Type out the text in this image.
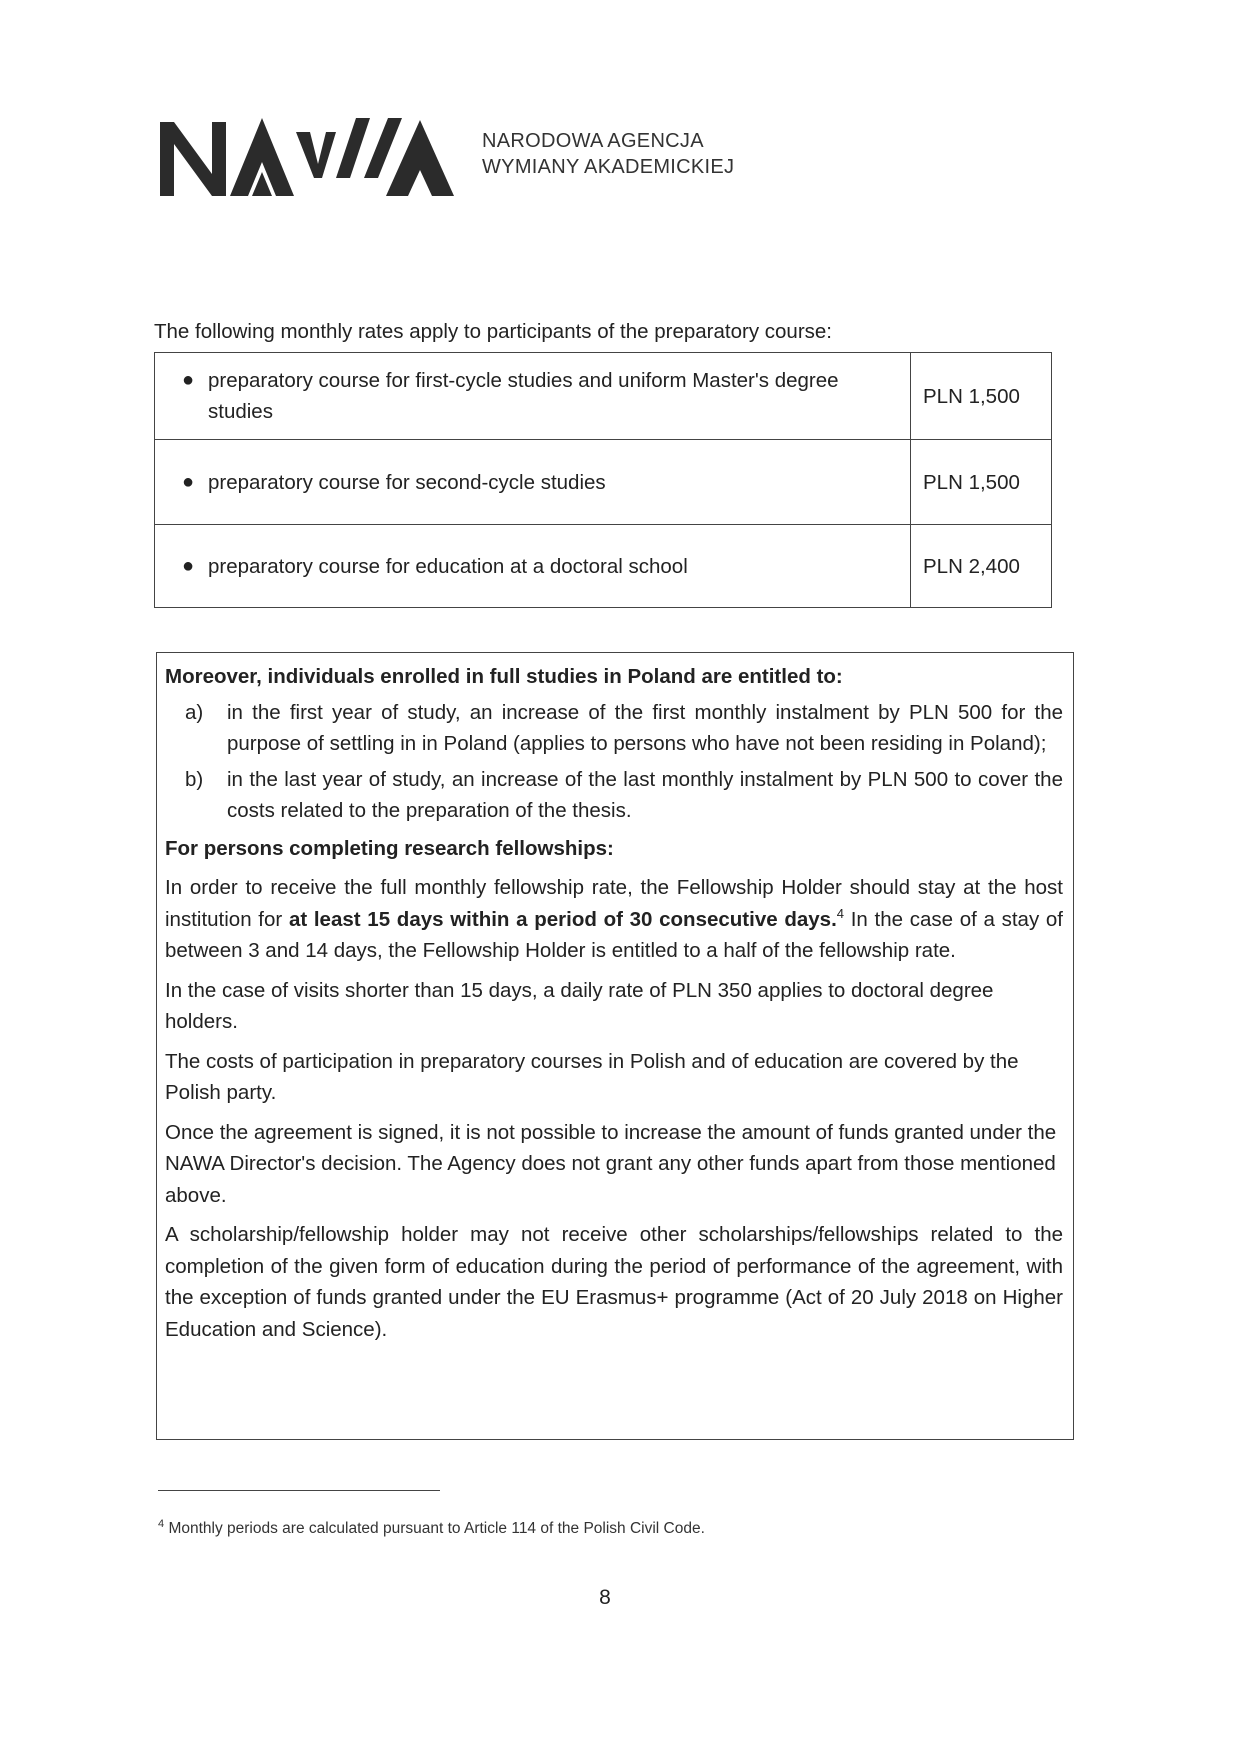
NARODOWA AGENCJA
WYMIANY AKADEMICKIEJ
The following monthly rates apply to participants of the preparatory course:
● preparatory course for first-cycle studies and uniform Master's degree studies	PLN 1,500

● preparatory course for second-cycle studies	PLN 1,500

● preparatory course for education at a doctoral school	PLN 2,400
Moreover, individuals enrolled in full studies in Poland are entitled to:
a)	in the first year of study, an increase of the first monthly instalment by PLN 500 for the purpose of settling in in Poland (applies to persons who have not been residing in Poland);
b)	in the last year of study, an increase of the last monthly instalment by PLN 500 to cover the costs related to the preparation of the thesis.
For persons completing research fellowships:

In order to receive the full monthly fellowship rate, the Fellowship Holder should stay at the host institution for at least 15 days within a period of 30 consecutive days.$^4$ In the case of a stay of between 3 and 14 days, the Fellowship Holder is entitled to a half of the fellowship rate.

In the case of visits shorter than 15 days, a daily rate of PLN 350 applies to doctoral degree holders.

The costs of participation in preparatory courses in Polish and of education are covered by the Polish party.

Once the agreement is signed, it is not possible to increase the amount of funds granted under the NAWA Director's decision. The Agency does not grant any other funds apart from those mentioned above.

A scholarship/fellowship holder may not receive other scholarships/fellowships related to the completion of the given form of education during the period of performance of the agreement, with the exception of funds granted under the EU Erasmus+ programme (Act of 20 July 2018 on Higher Education and Science).

$^4$ Monthly periods are calculated pursuant to Article 114 of the Polish Civil Code.
8
